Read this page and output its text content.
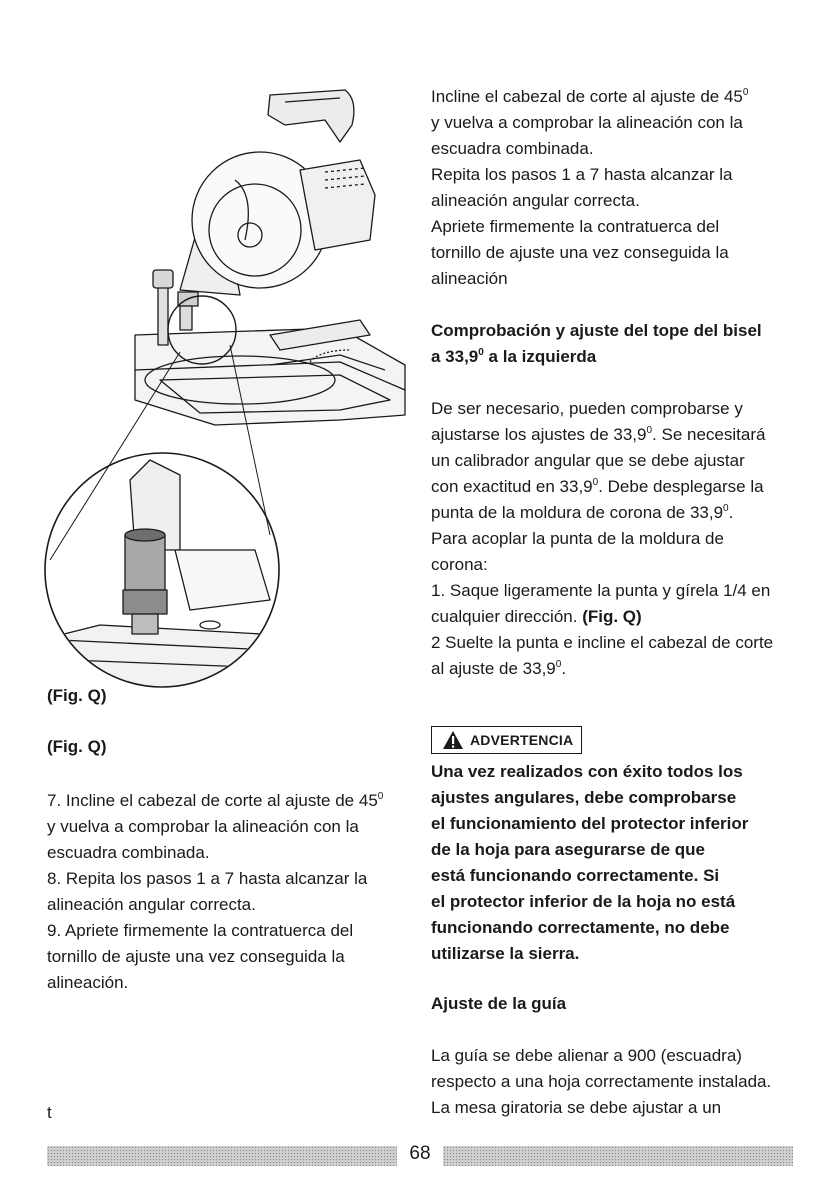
(Fig. Q)
(Fig. Q)
7. Incline el cabezal de corte al ajuste de $45^0$
y vuelva a comprobar la alineación con la
escuadra combinada.
8. Repita los pasos 1 a 7 hasta alcanzar la
alineación angular correcta.
9. Apriete firmemente la contratuerca del
tornillo de ajuste una vez conseguida la
alineación.
t
Incline el cabezal de corte al ajuste de $45^0$
y vuelva a comprobar la alineación con la
escuadra combinada.
Repita los pasos 1 a 7 hasta alcanzar la
alineación angular correcta.
Apriete firmemente la contratuerca del
tornillo de ajuste una vez conseguida la
alineación
Comprobación y ajuste del tope del bisel
a 33,9$^0$ a la izquierda
De ser necesario, pueden comprobarse y
ajustarse los ajustes de 33,9$^0$. Se necesitará
un calibrador angular que se debe ajustar
con exactitud en 33,9$^0$. Debe desplegarse la
punta de la moldura de corona de 33,9$^0$.
Para acoplar la punta de la moldura de
corona:
1. Saque ligeramente la punta y gírela 1/4 en
cualquier dirección. (Fig. Q)
2 Suelte la punta e incline el cabezal de corte
al ajuste de 33,9$^0$.
ADVERTENCIA
Una vez realizados con éxito todos los
ajustes angulares, debe comprobarse
el funcionamiento del protector inferior
de la hoja para asegurarse de que
está funcionando correctamente. Si
el protector inferior de la hoja no está
funcionando correctamente, no debe
utilizarse la sierra.
Ajuste de la guía
La guía se debe alienar a 900 (escuadra)
respecto a una hoja correctamente instalada.
La mesa giratoria se debe ajustar a un
68
